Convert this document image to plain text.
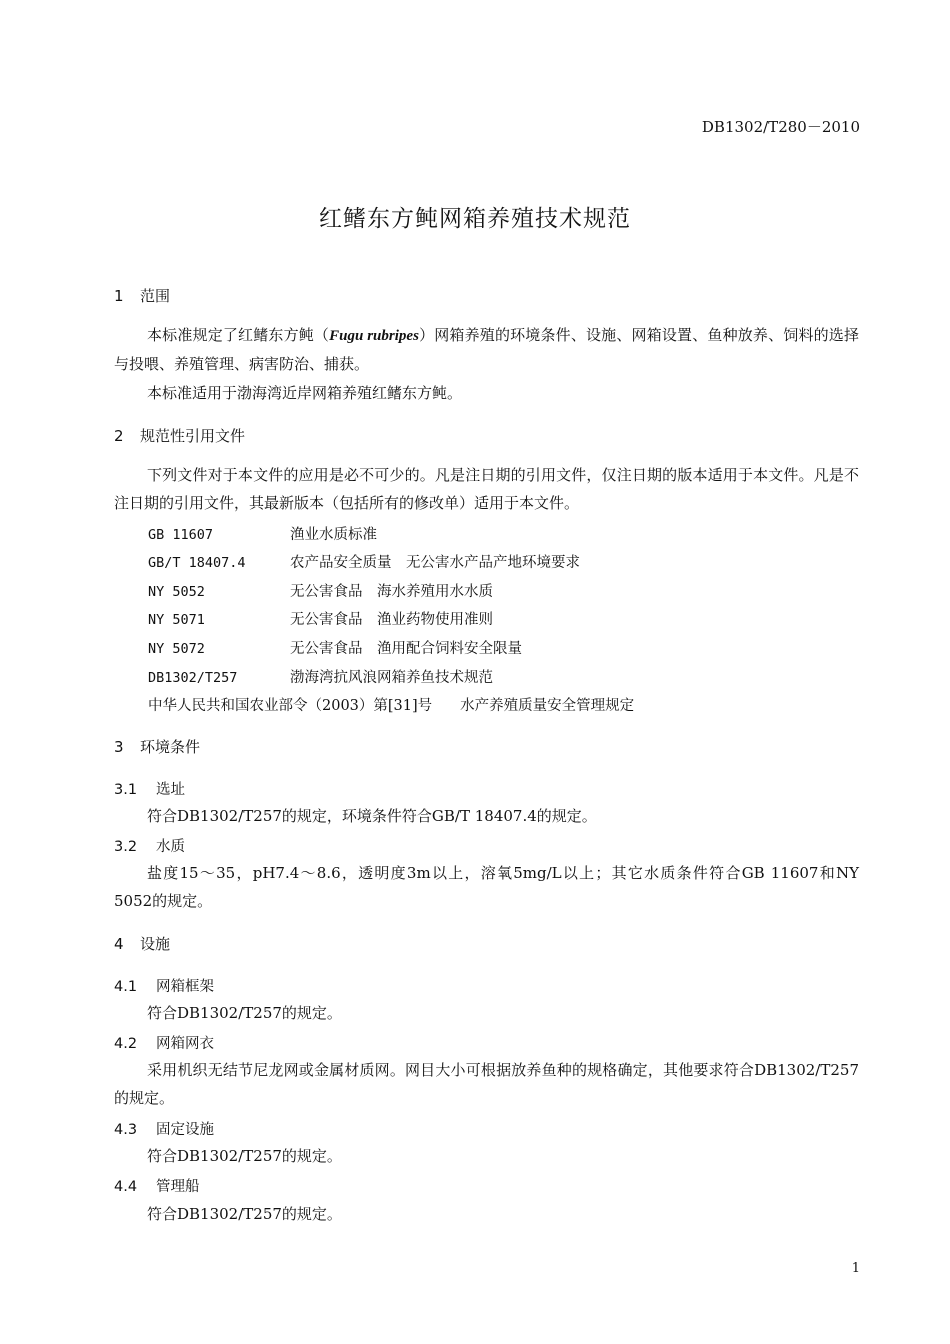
DB1302/T280－2010
红鳍东方鲀网箱养殖技术规范
1 范围
本标准规定了红鳍东方鲀（Fugu rubripes）网箱养殖的环境条件、设施、网箱设置、鱼种放养、饲料的选择与投喂、养殖管理、病害防治、捕获。
本标准适用于渤海湾近岸网箱养殖红鳍东方鲀。
2 规范性引用文件
下列文件对于本文件的应用是必不可少的。凡是注日期的引用文件，仅注日期的版本适用于本文件。凡是不注日期的引用文件，其最新版本（包括所有的修改单）适用于本文件。
GB 11607	渔业水质标准
GB/T 18407.4	农产品安全质量　无公害水产品产地环境要求
NY 5052	无公害食品　海水养殖用水水质
NY 5071	无公害食品　渔业药物使用准则
NY 5072	无公害食品　渔用配合饲料安全限量
DB1302/T257	渤海湾抗风浪网箱养鱼技术规范
中华人民共和国农业部令（2003）第[31]号 水产养殖质量安全管理规定
3 环境条件
3.1 选址
符合DB1302/T257的规定，环境条件符合GB/T 18407.4的规定。
3.2 水质
盐度15～35，pH7.4～8.6，透明度3m以上，溶氧5mg/L以上；其它水质条件符合GB 11607和NY 5052的规定。
4 设施
4.1 网箱框架
符合DB1302/T257的规定。
4.2 网箱网衣
采用机织无结节尼龙网或金属材质网。网目大小可根据放养鱼种的规格确定，其他要求符合DB1302/T257 的规定。
4.3 固定设施
符合DB1302/T257的规定。
4.4 管理船
符合DB1302/T257的规定。
1
